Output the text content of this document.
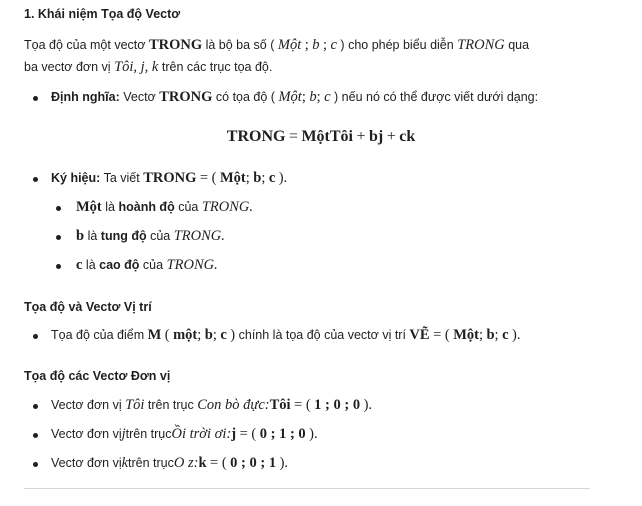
1. Khái niệm Tọa độ Vectơ
Tọa độ của một vectơ TRONG là bộ ba số ( Một ; b ; c ) cho phép biểu diễn TRONG qua
ba vectơ đơn vị Tôi, j, k trên các trục tọa độ.
Định nghĩa: Vectơ TRONG có tọa độ ( Một; b; c ) nếu nó có thể được viết dưới dạng:
TRONG = MộtTôi + bj + ck
Ký hiệu: Ta viết TRONG = ( Một; b; c ).
Một là hoành độ của TRONG.
b là tung độ của TRONG.
c là cao độ của TRONG.
Tọa độ và Vectơ Vị trí
Tọa độ của điểm M ( một; b; c ) chính là tọa độ của vectơ vị trí VẼ = ( Một; b; c ).
Tọa độ các Vectơ Đơn vị
Vectơ đơn vị Tôi trên trục Con bò đực:Tôi = ( 1 ; 0 ; 0 ).
Vectơ đơn vịjtrên trụcỒi trời ơi:j = ( 0 ; 1 ; 0 ).
Vectơ đơn vịktrên trụcO z:k = ( 0 ; 0 ; 1 ).
